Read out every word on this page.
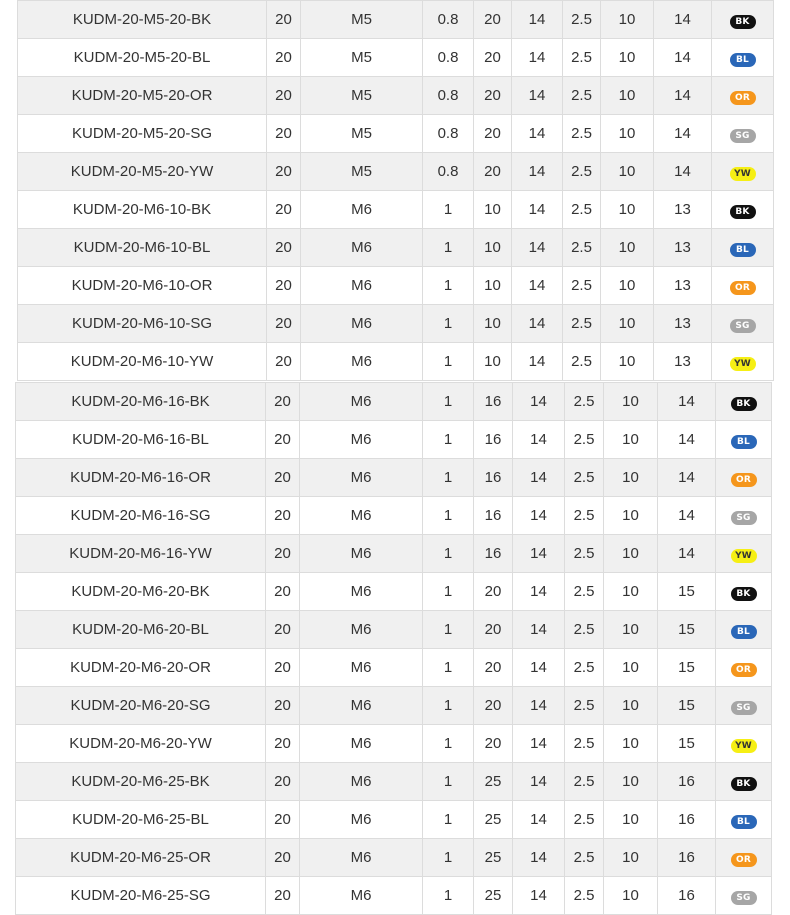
KUDM-20-M5-20-BK	20	M5	0.8	20	14	2.5	10	14	BK
KUDM-20-M5-20-BL	20	M5	0.8	20	14	2.5	10	14	BL
KUDM-20-M5-20-OR	20	M5	0.8	20	14	2.5	10	14	OR
KUDM-20-M5-20-SG	20	M5	0.8	20	14	2.5	10	14	SG
KUDM-20-M5-20-YW	20	M5	0.8	20	14	2.5	10	14	YW
KUDM-20-M6-10-BK	20	M6	1	10	14	2.5	10	13	BK
KUDM-20-M6-10-BL	20	M6	1	10	14	2.5	10	13	BL
KUDM-20-M6-10-OR	20	M6	1	10	14	2.5	10	13	OR
KUDM-20-M6-10-SG	20	M6	1	10	14	2.5	10	13	SG
KUDM-20-M6-10-YW	20	M6	1	10	14	2.5	10	13	YW
KUDM-20-M6-16-BK	20	M6	1	16	14	2.5	10	14	BK
KUDM-20-M6-16-BL	20	M6	1	16	14	2.5	10	14	BL
KUDM-20-M6-16-OR	20	M6	1	16	14	2.5	10	14	OR
KUDM-20-M6-16-SG	20	M6	1	16	14	2.5	10	14	SG
KUDM-20-M6-16-YW	20	M6	1	16	14	2.5	10	14	YW
KUDM-20-M6-20-BK	20	M6	1	20	14	2.5	10	15	BK
KUDM-20-M6-20-BL	20	M6	1	20	14	2.5	10	15	BL
KUDM-20-M6-20-OR	20	M6	1	20	14	2.5	10	15	OR
KUDM-20-M6-20-SG	20	M6	1	20	14	2.5	10	15	SG
KUDM-20-M6-20-YW	20	M6	1	20	14	2.5	10	15	YW
KUDM-20-M6-25-BK	20	M6	1	25	14	2.5	10	16	BK
KUDM-20-M6-25-BL	20	M6	1	25	14	2.5	10	16	BL
KUDM-20-M6-25-OR	20	M6	1	25	14	2.5	10	16	OR
KUDM-20-M6-25-SG	20	M6	1	25	14	2.5	10	16	SG
